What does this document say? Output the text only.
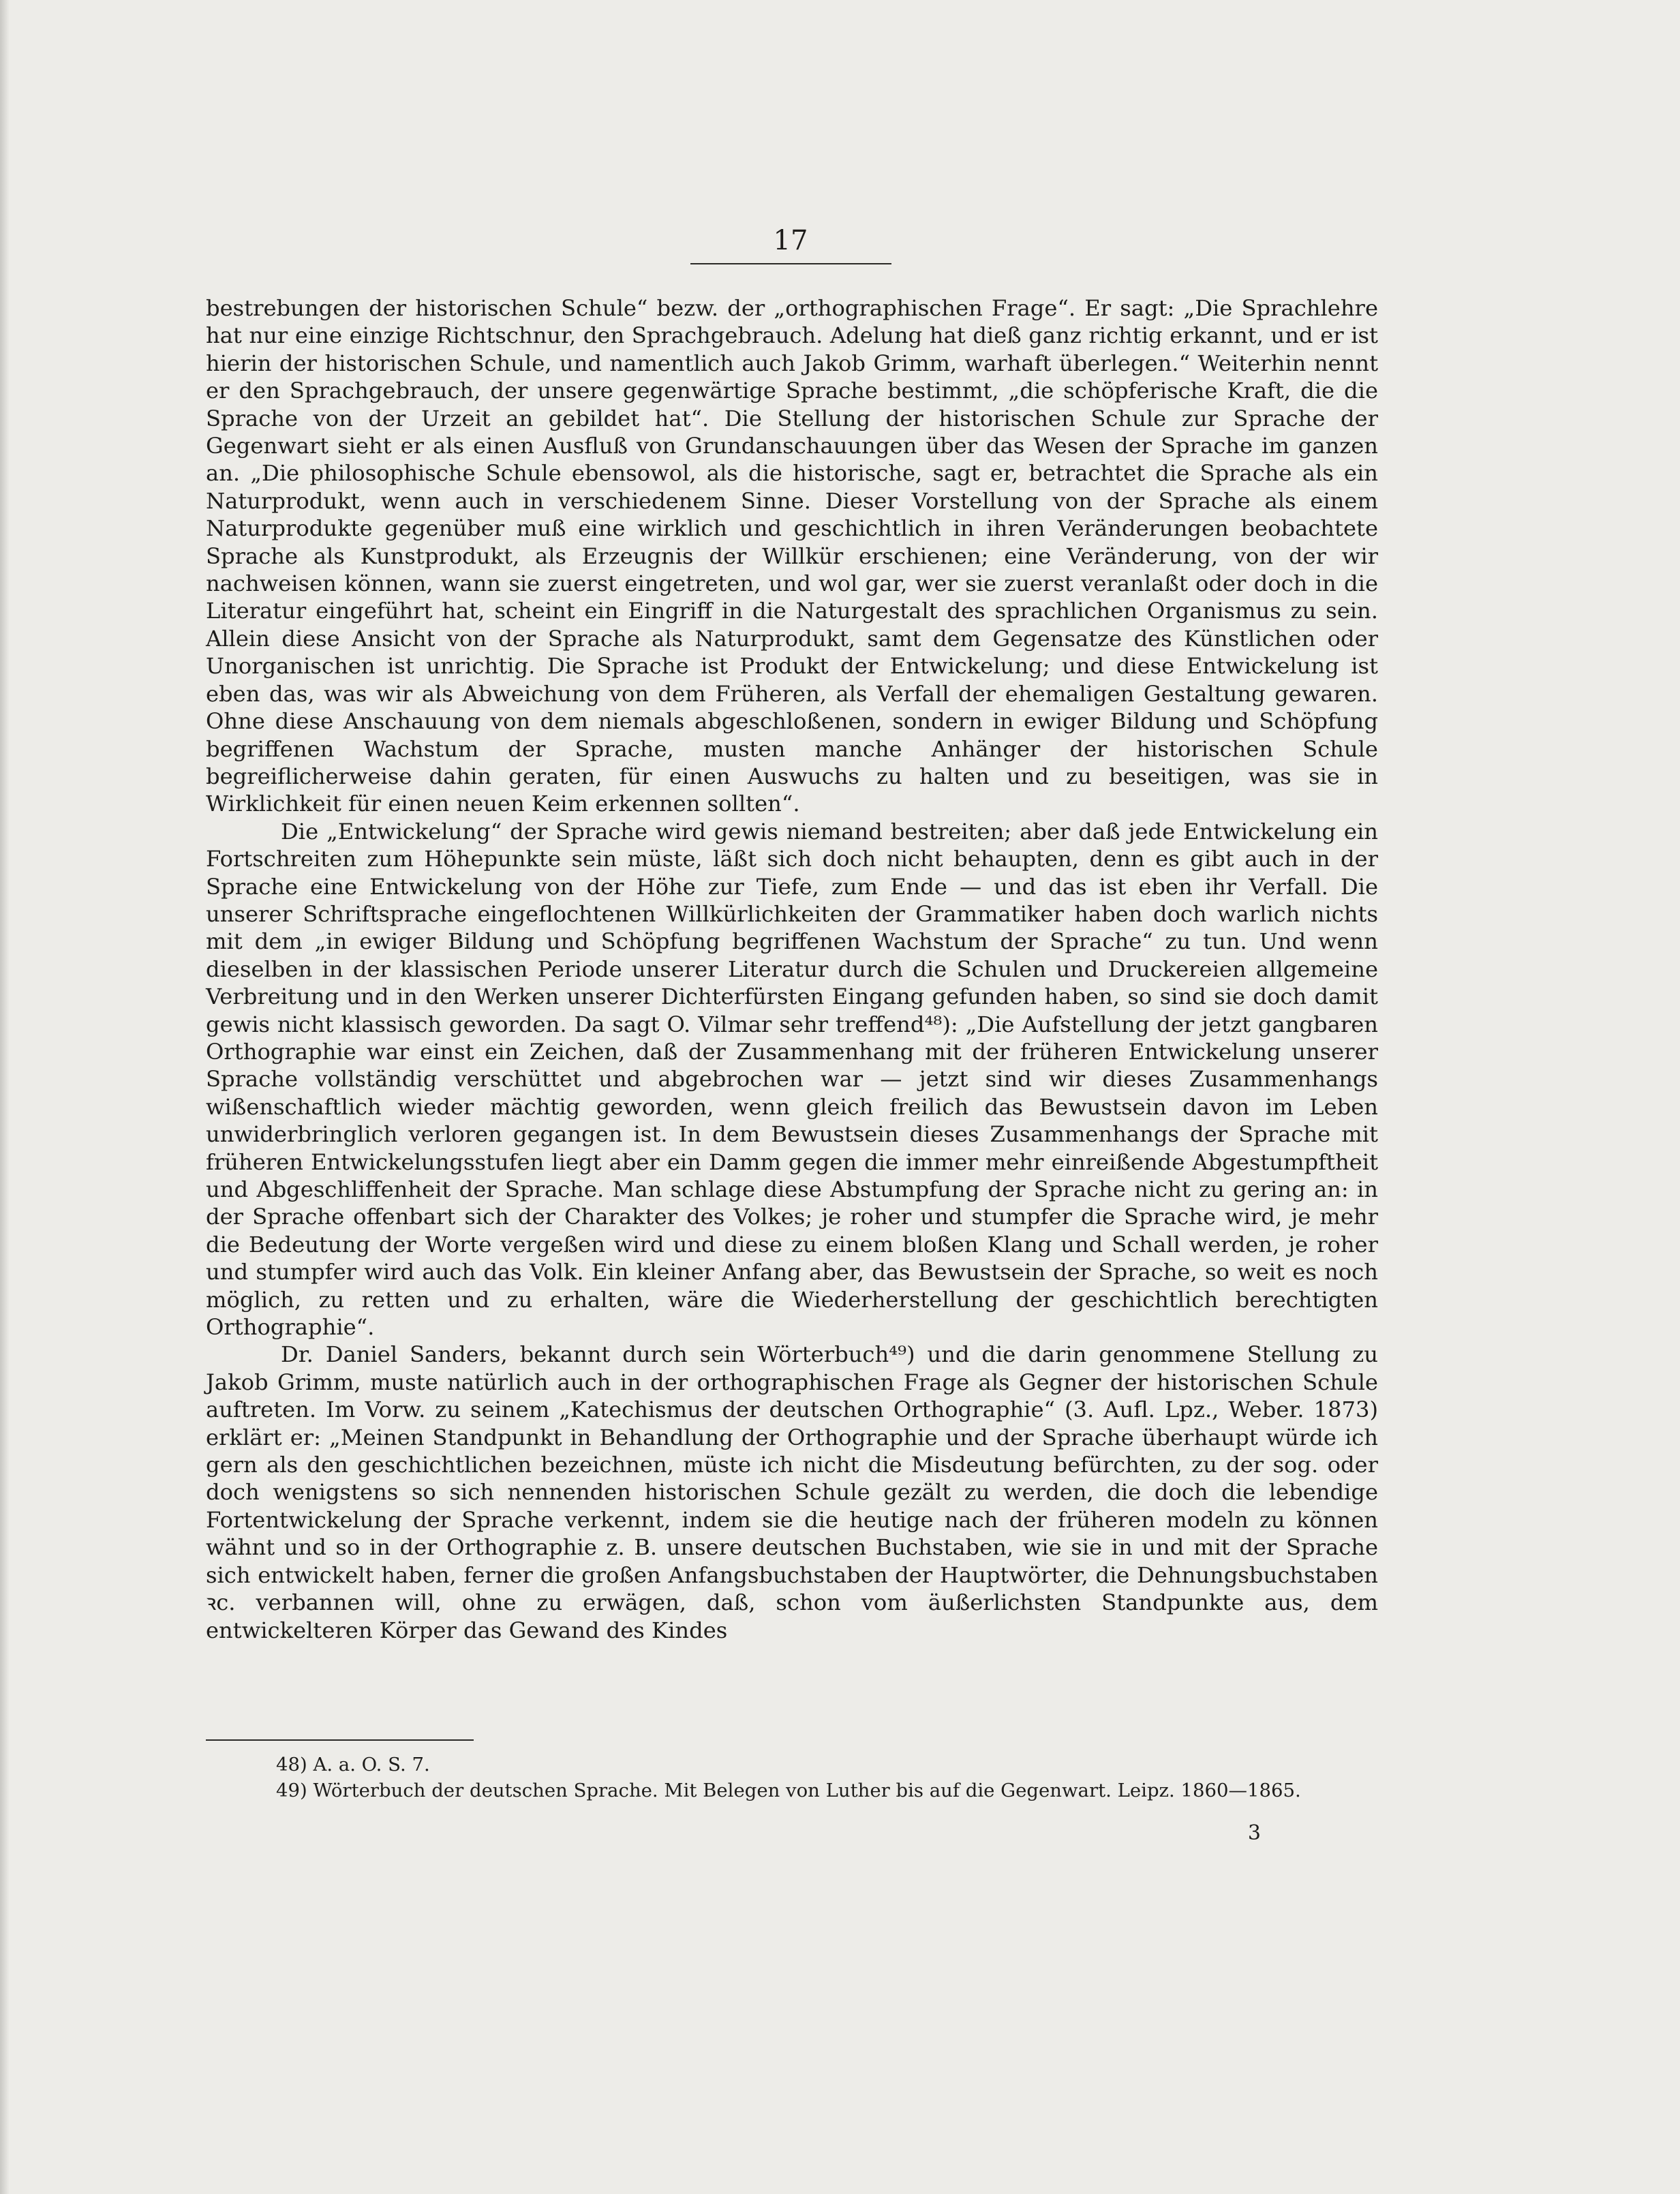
17

bestrebungen der historischen Schule“ bezw. der „orthographischen Frage“. Er sagt: „Die Sprachlehre hat nur eine einzige Richtschnur, den Sprachgebrauch. Adelung hat dieß ganz richtig erkannt, und er ist hierin der historischen Schule, und namentlich auch Jakob Grimm, warhaft überlegen.“ Weiterhin nennt er den Sprachgebrauch, der unsere gegenwärtige Sprache bestimmt, „die schöpferische Kraft, die die Sprache von der Urzeit an gebildet hat“. Die Stellung der historischen Schule zur Sprache der Gegenwart sieht er als einen Ausfluß von Grundanschauungen über das Wesen der Sprache im ganzen an. „Die philosophische Schule ebensowol, als die historische, sagt er, betrachtet die Sprache als ein Naturprodukt, wenn auch in verschiedenem Sinne. Dieser Vorstellung von der Sprache als einem Naturprodukte gegenüber muß eine wirklich und geschichtlich in ihren Veränderungen beobachtete Sprache als Kunstprodukt, als Erzeugnis der Willkür erschienen; eine Veränderung, von der wir nachweisen können, wann sie zuerst eingetreten, und wol gar, wer sie zuerst veranlaßt oder doch in die Literatur eingeführt hat, scheint ein Eingriff in die Naturgestalt des sprachlichen Organismus zu sein. Allein diese Ansicht von der Sprache als Naturprodukt, samt dem Gegensatze des Künstlichen oder Unorganischen ist unrichtig. Die Sprache ist Produkt der Entwickelung; und diese Entwickelung ist eben das, was wir als Abweichung von dem Früheren, als Verfall der ehemaligen Gestaltung gewaren. Ohne diese Anschauung von dem niemals abgeschloßenen, sondern in ewiger Bildung und Schöpfung begriffenen Wachstum der Sprache, musten manche Anhänger der historischen Schule begreiflicherweise dahin geraten, für einen Auswuchs zu halten und zu beseitigen, was sie in Wirklichkeit für einen neuen Keim erkennen sollten“.

Die „Entwickelung“ der Sprache wird gewis niemand bestreiten; aber daß jede Entwickelung ein Fortschreiten zum Höhepunkte sein müste, läßt sich doch nicht behaupten, denn es gibt auch in der Sprache eine Entwickelung von der Höhe zur Tiefe, zum Ende — und das ist eben ihr Verfall. Die unserer Schriftsprache eingeflochtenen Willkürlichkeiten der Grammatiker haben doch warlich nichts mit dem „in ewiger Bildung und Schöpfung begriffenen Wachstum der Sprache“ zu tun. Und wenn dieselben in der klassischen Periode unserer Literatur durch die Schulen und Druckereien allgemeine Verbreitung und in den Werken unserer Dichterfürsten Eingang gefunden haben, so sind sie doch damit gewis nicht klassisch geworden. Da sagt O. Vilmar sehr treffend⁴⁸): „Die Aufstellung der jetzt gangbaren Orthographie war einst ein Zeichen, daß der Zusammenhang mit der früheren Entwickelung unserer Sprache vollständig verschüttet und abgebrochen war — jetzt sind wir dieses Zusammenhangs wißenschaftlich wieder mächtig geworden, wenn gleich freilich das Bewustsein davon im Leben unwiderbringlich verloren gegangen ist. In dem Bewustsein dieses Zusammenhangs der Sprache mit früheren Entwickelungsstufen liegt aber ein Damm gegen die immer mehr einreißende Abgestumpftheit und Abgeschliffenheit der Sprache. Man schlage diese Abstumpfung der Sprache nicht zu gering an: in der Sprache offenbart sich der Charakter des Volkes; je roher und stumpfer die Sprache wird, je mehr die Bedeutung der Worte vergeßen wird und diese zu einem bloßen Klang und Schall werden, je roher und stumpfer wird auch das Volk. Ein kleiner Anfang aber, das Bewustsein der Sprache, so weit es noch möglich, zu retten und zu erhalten, wäre die Wiederherstellung der geschichtlich berechtigten Orthographie“.

Dr. Daniel Sanders, bekannt durch sein Wörterbuch⁴⁹) und die darin genommene Stellung zu Jakob Grimm, muste natürlich auch in der orthographischen Frage als Gegner der historischen Schule auftreten. Im Vorw. zu seinem „Katechismus der deutschen Orthographie“ (3. Aufl. Lpz., Weber. 1873) erklärt er: „Meinen Standpunkt in Behandlung der Orthographie und der Sprache überhaupt würde ich gern als den geschichtlichen bezeichnen, müste ich nicht die Misdeutung befürchten, zu der sog. oder doch wenigstens so sich nennenden historischen Schule gezält zu werden, die doch die lebendige Fortentwickelung der Sprache verkennt, indem sie die heutige nach der früheren modeln zu können wähnt und so in der Orthographie z. B. unsere deutschen Buchstaben, wie sie in und mit der Sprache sich entwickelt haben, ferner die großen Anfangsbuchstaben der Hauptwörter, die Dehnungsbuchstaben ꝛc. verbannen will, ohne zu erwägen, daß, schon vom äußerlichsten Standpunkte aus, dem entwickelteren Körper das Gewand des Kindes

48) A. a. O. S. 7.
49) Wörterbuch der deutschen Sprache. Mit Belegen von Luther bis auf die Gegenwart. Leipz. 1860—1865.
3
